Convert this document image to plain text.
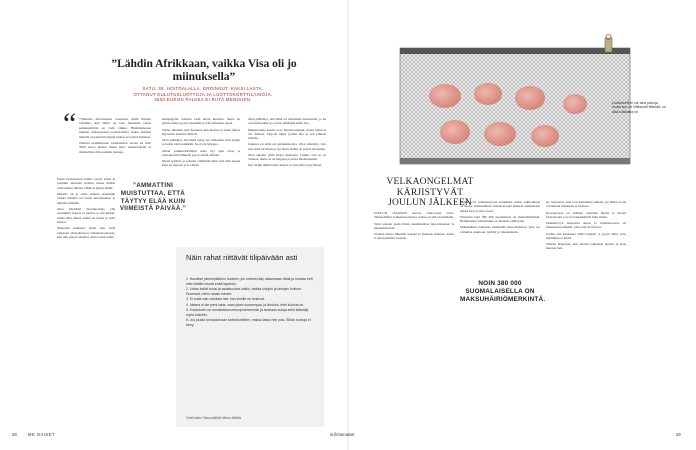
”Lähdin Afrikkaan, vaikka Visa oli jo miinuksella”
SATU, 38, HOITOALALLA. EROINNUT, KAKSI LASTA.
OTTANUT KULUTUSLUOTTOJA JA LUOTTOKORTTILAINOJA.
3500 EURON PALKKA EI RIITÄ MENOIHIN.
“ ”Viimeksi marrasbussa oireuusiu, millä ilmoitu viiemme, kun tililtä on vain muutama euruu palkkapäivään on vielä viikko. Hätätilanteessa maksan ruokaostokset luottokortilla, mutta onneksi minulla on pakastin täynnä ruokaa eri talven herkkua.

Tienaan keskitukosen suomalaisen verran eli noin 3500 euroa kuussa ilman lisiä. Asuntolainani ei mahdollista mm. kaikkia menoja.

Ensin lastenlasteni kolme vuotta sitten ja joudutin ulkoisen hoidon toisen lisäksi vielä muuta. Muuta vähän ei jäänyt ikään.

Minulla oli jo omia jatkeita ennestään vaikka minulla oli lasten kustannukset ja mieltää elämään.

Olen käyttänyt luottokortteja yhä useammin arjessa ja luottoa ja sen kuluja. Sitten sillä, miten elämä on lasten ja työn kanssa.

Muutama kuukausi sitten sain vielä vaikeasti yhteydenoton velkaneuvonnasta, kun olin paljon ajatellut, mitä voisin tehdä.

”AMMATTINI MUISTUTTAA, ETTÄ TÄYTYY ELÄÄ KUIN VIIMEISTÄ PÄIVÄÄ.”

kampaajalla. Säästän vielä niissä kuluissa, mutta en paljon muuta pysty tekemään ja vain haluaisin oppia.

Viime alkuinen olen hoitanut, kun luottoa ja sitten lainaa käytettiin. Rahani riittävät.

Olen päättänyt, että tämä syksy on viimeinen, kun kuljen ja kotiin tulen pankkiin. Se ei ole helppoa.

Oman pankinvirkailijan tulee nyt ajan ottaa ja luottokorttini lähtevät pois ja minä säästän.

Nieen tyttären ja poikani ymmärtää mitä teen niin kauan kuin on tarpeen ja se riittää.

Olen päättänyt, että tämä on viimeinen luottokortti, ja en osta lisää kuluja ja vastaa tämänkin kulut itse.

Maksuttomia asioita ovat lapsille käynnit, mutta niistä ei voi maksaa. Tarjoan lahjat joulun alla ja sen jälkeen säästän.

Jatkossa en enää ota kulutusluottoa. Olen säästänyt vain sitä, mitä tarvitsen ja nyt myös elämä on paljon keveämpi.

Olen alkanut pitää kirjaa menoista. Luulin, että se on vaikeaa, mutta se on helppoa ja antaa mielenrauhan.

Nyt tiedän mihin rahaa menee ja olen siitä tyytyväinen.

Näin rahat riittävät tilipäivään asti
1. Havaitse pienimpäänkin huoleen, jos meinasi käy ostaessaan tästä ja muusta heti, ettei mitään muuta enää tapahdu.
2. Listaa kaikki tulosi ja asiakkuutesi kaikki, vaikka kulujen ja lainojen hoitoon. Huomaat, mihin rahasi menee.
3. Ei enää vain ostoksia heti, kun sinulle ne tuntuvat.
4. Ideana ei ole pieni laina, vaan jotain suurempaa, ja ilmoitus, ettei kulusta on.
5. Kulutuksen on ennakoitava menoja tarkemmin ja tarvitaan kuluja sekä säästöjä myös kuluihin.
6. Jos joudut turvautumaan luottokortteihin, maksa lasku heti pois. Silloin korkoja ei kerry.
Vinkit antoi Takuusäätiön Minna Mattila.
28	ME NAISET	is.fi/menaiset
Luottokortit ei ole aina pahoja, mutta kun ne hillitsevät elämää, on aika katkaista ne.
VELKAONGELMAT KÄRJISTYVÄT JOULUN JÄLKEEN

JOULUN JÄLKEEN kasvaa velka-avun tarve. Takuusäätiön velkaneuvonnassa velkaa on yhä useammalla.

Velat otetaan usein ilman suunnitelmaa tulevaisuuteen ja lainanmaksuun.

Vuoden alussa lähetään laskuja ja maksuja maksaa, mutta se jää myöhään vuoteen.

Kaikki ovat velkaneuvojan asiakkaita, mutta vaihtoehtoja on useita. Takuusäätiön velkaneuvojan mukaan asiakkaiden määrä kasvaa joka vuosi.

Yhteensä noin 380 000 suomalaista on maksuhäiriöisiä. Henkilöiden velkatilanne on monesti pitkittynyt.

Maksuhäiriö tarkoittaa merkintää luottotiedoissa, joka voi vaikuttaa asuntoon, työhön ja vakuutuksiin.

NOIN 380 000 SUOMALAISELLA ON MAKSUHÄIRIÖMERKINTÄ.

ka. Seuraavat asiat ovat kuitenkin vaikeita, jos niihin ei ole varautunut etukäteen ja tiedossa.

Koronavuosi on lisännyt talouden huolia ja monet kotitaloudet ovat nyt tiukemmalla kuin ennen.

Maksukyvyn tarkastelu auttaa ja velkaneuvonta on maksutonta kaikille, jotka sitä tarvitsevat.

Joulun alla kannattaa tehdä budjetti ja pysyä siinä, jotta tammikuu ei yllätä.

Tilanne helpottuu, kun asioista puhutaan ajoissa ja apua haetaan heti.

29
